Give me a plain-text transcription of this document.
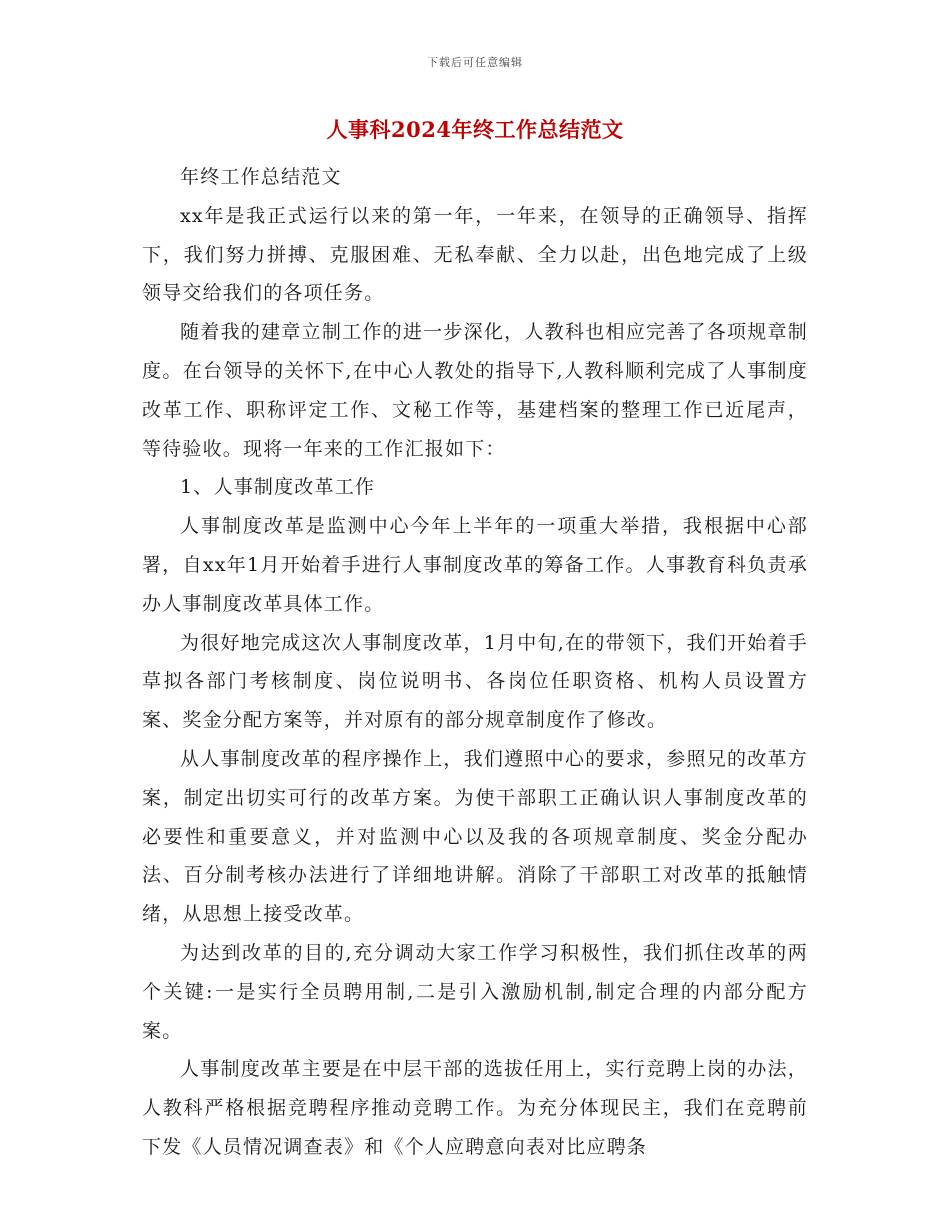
下载后可任意编辑
人事科2024年终工作总结范文

年终工作总结范文

xx年是我正式运行以来的第一年，一年来，在领导的正确领导、指挥下，我们努力拼搏、克服困难、无私奉献、全力以赴，出色地完成了上级领导交给我们的各项任务。

随着我的建章立制工作的进一步深化，人教科也相应完善了各项规章制度。在台领导的关怀下,在中心人教处的指导下,人教科顺利完成了人事制度改革工作、职称评定工作、文秘工作等，基建档案的整理工作已近尾声，等待验收。现将一年来的工作汇报如下：

1、人事制度改革工作

人事制度改革是监测中心今年上半年的一项重大举措，我根据中心部署，自xx年1月开始着手进行人事制度改革的筹备工作。人事教育科负责承办人事制度改革具体工作。

为很好地完成这次人事制度改革，1月中旬,在的带领下，我们开始着手草拟各部门考核制度、岗位说明书、各岗位任职资格、机构人员设置方案、奖金分配方案等，并对原有的部分规章制度作了修改。

从人事制度改革的程序操作上，我们遵照中心的要求，参照兄的改革方案，制定出切实可行的改革方案。为使干部职工正确认识人事制度改革的必要性和重要意义，并对监测中心以及我的各项规章制度、奖金分配办法、百分制考核办法进行了详细地讲解。消除了干部职工对改革的抵触情绪，从思想上接受改革。

为达到改革的目的,充分调动大家工作学习积极性，我们抓住改革的两个关键:一是实行全员聘用制,二是引入激励机制,制定合理的内部分配方案。

人事制度改革主要是在中层干部的选拔任用上，实行竞聘上岗的办法，人教科严格根据竞聘程序推动竞聘工作。为充分体现民主，我们在竞聘前下发《人员情况调查表》和《个人应聘意向表对比应聘条
